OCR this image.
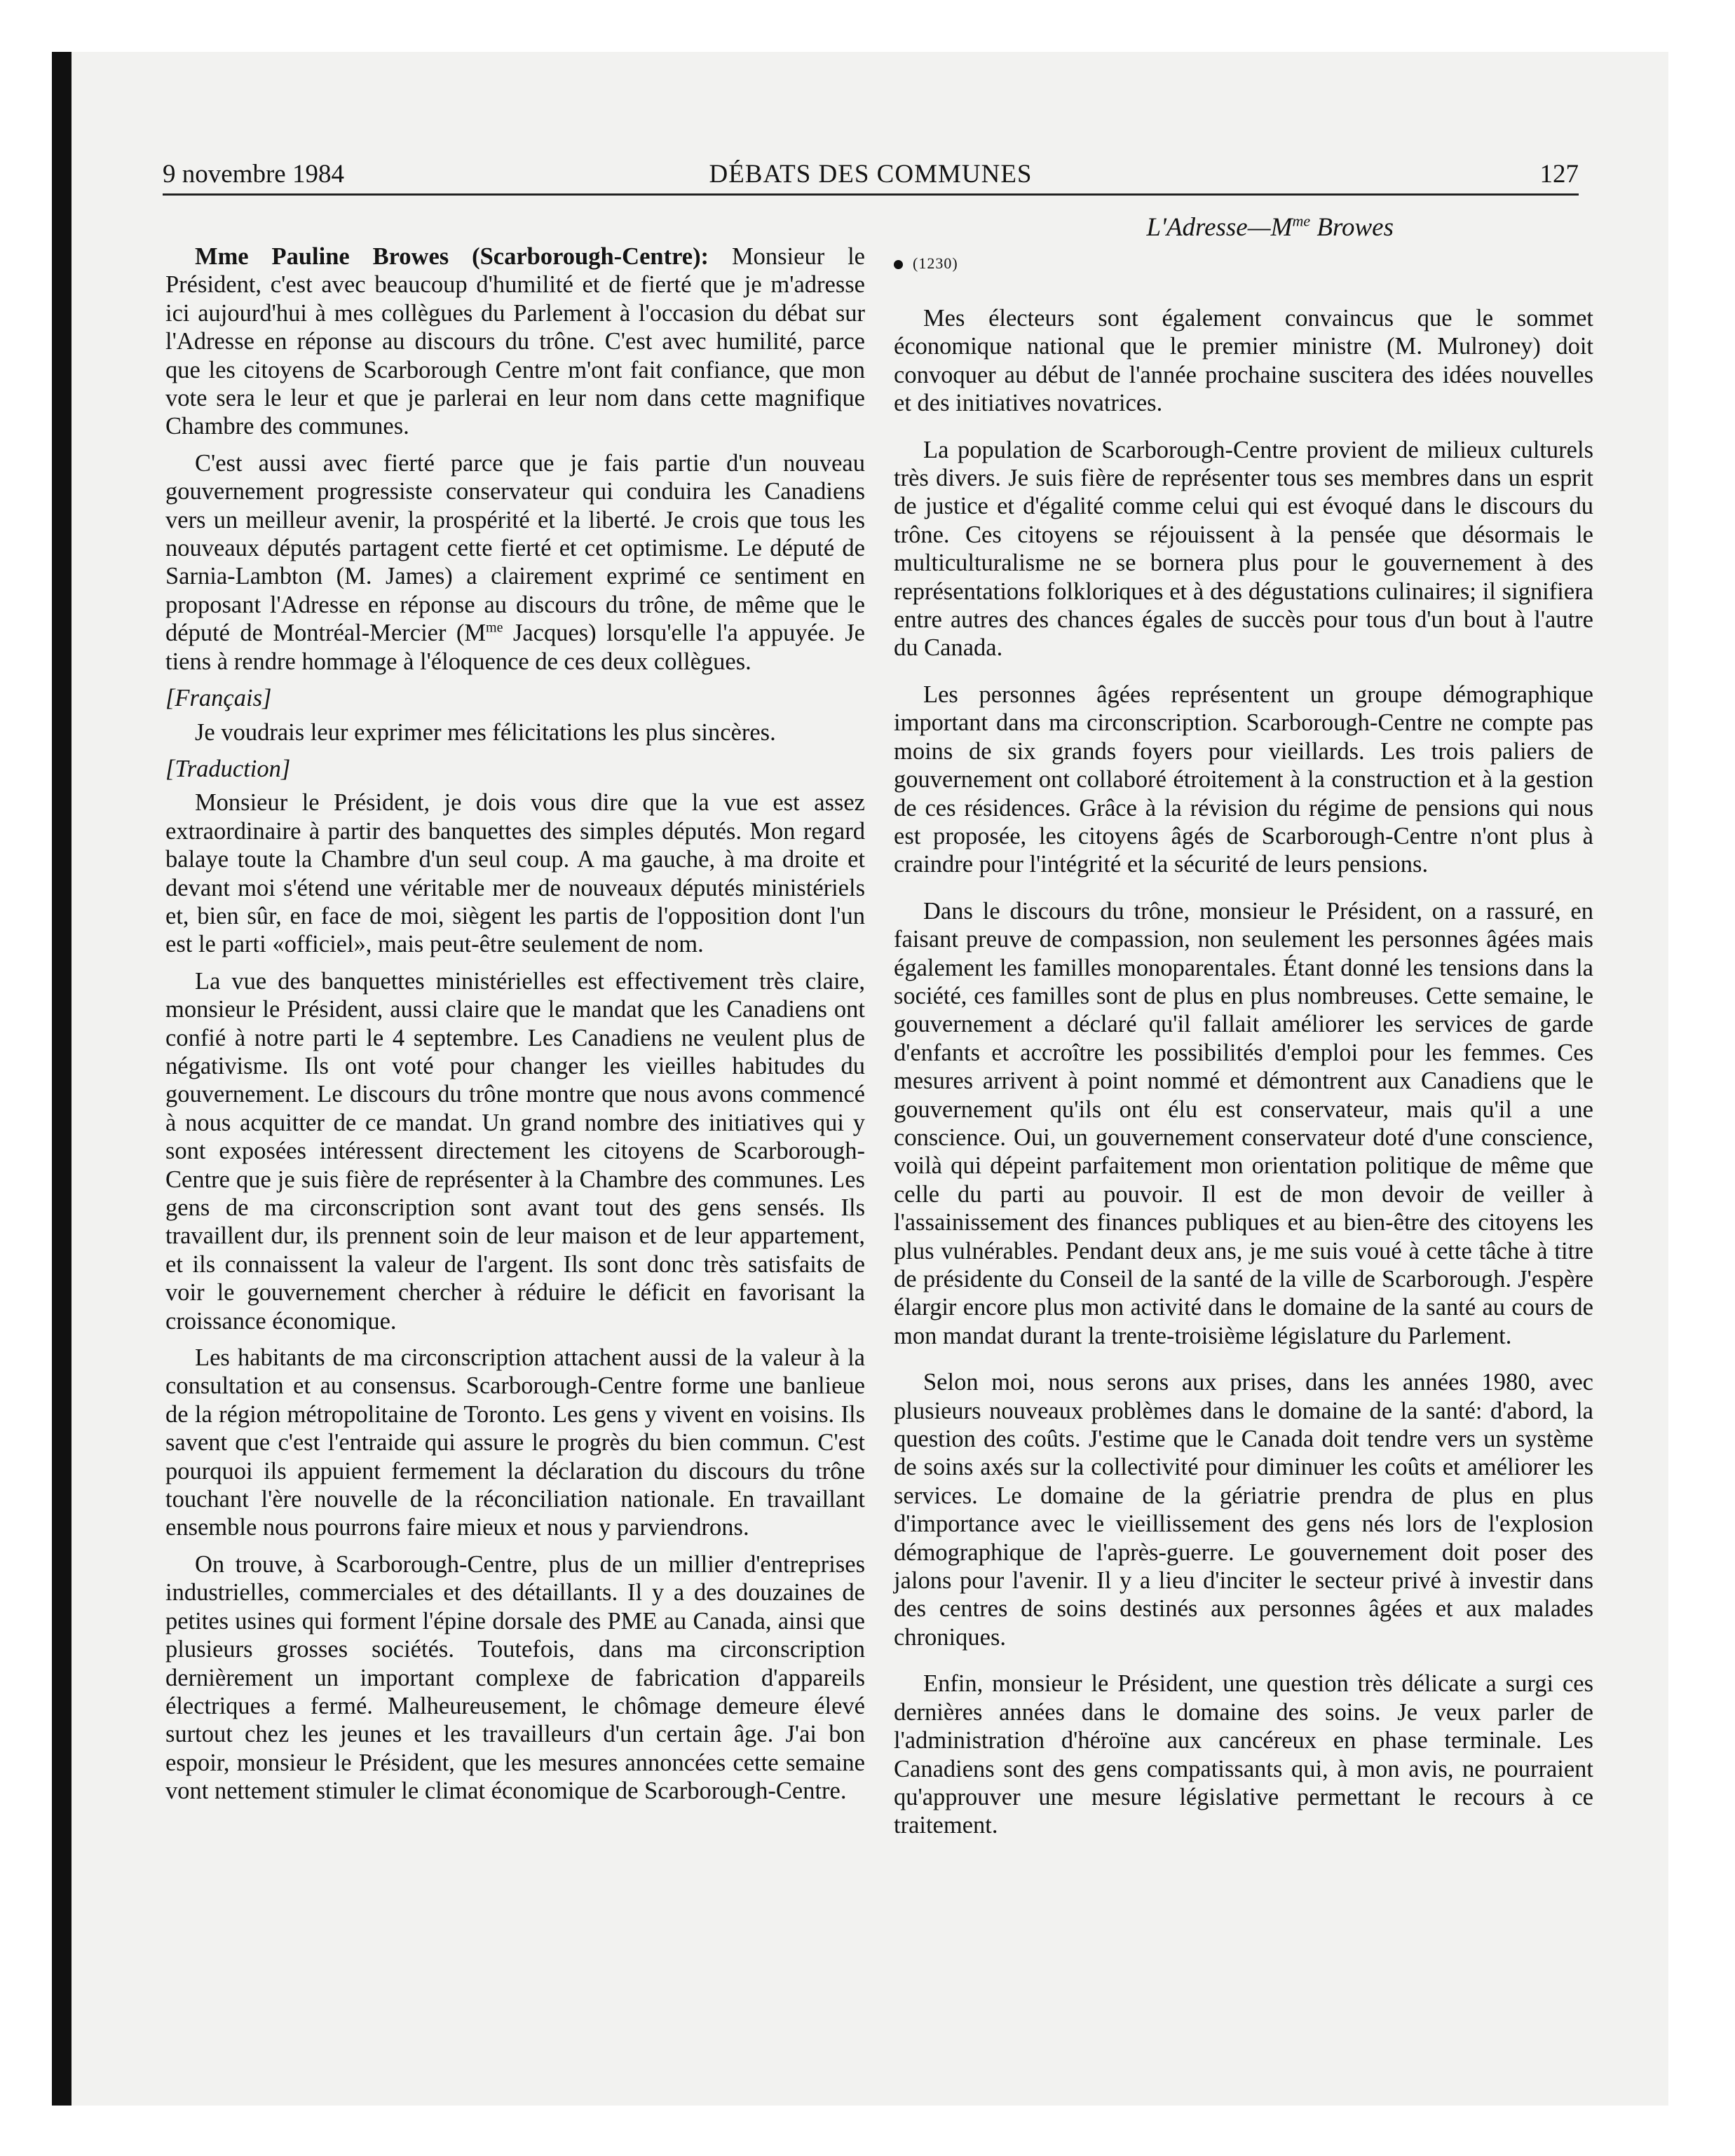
9 novembre 1984	DÉBATS DES COMMUNES	127
$L'Adresse—M^{me}$ Browes

Mme Pauline Browes (Scarborough-Centre): Monsieur le Président, c'est avec beaucoup d'humilité et de fierté que je m'adresse ici aujourd'hui à mes collègues du Parlement à l'occasion du débat sur l'Adresse en réponse au discours du trône. C'est avec humilité, parce que les citoyens de Scarborough Centre m'ont fait confiance, que mon vote sera le leur et que je parlerai en leur nom dans cette magnifique Chambre des communes.

C'est aussi avec fierté parce que je fais partie d'un nouveau gouvernement progressiste conservateur qui conduira les Canadiens vers un meilleur avenir, la prospérité et la liberté. Je crois que tous les nouveaux députés partagent cette fierté et cet optimisme. Le député de Sarnia-Lambton (M. James) a clairement exprimé ce sentiment en proposant l'Adresse en réponse au discours du trône, de même que le député de Montréal-Mercier ($M^{me}$ Jacques) lorsqu'elle l'a appuyée. Je tiens à rendre hommage à l'éloquence de ces deux collègues.

[Français]

Je voudrais leur exprimer mes félicitations les plus sincères.

[Traduction]

Monsieur le Président, je dois vous dire que la vue est assez extraordinaire à partir des banquettes des simples députés. Mon regard balaye toute la Chambre d'un seul coup. A ma gauche, à ma droite et devant moi s'étend une véritable mer de nouveaux députés ministériels et, bien sûr, en face de moi, siègent les partis de l'opposition dont l'un est le parti «officiel», mais peut-être seulement de nom.

La vue des banquettes ministérielles est effectivement très claire, monsieur le Président, aussi claire que le mandat que les Canadiens ont confié à notre parti le 4 septembre. Les Canadiens ne veulent plus de négativisme. Ils ont voté pour changer les vieilles habitudes du gouvernement. Le discours du trône montre que nous avons commencé à nous acquitter de ce mandat. Un grand nombre des initiatives qui y sont exposées intéressent directement les citoyens de Scarborough-Centre que je suis fière de représenter à la Chambre des communes. Les gens de ma circonscription sont avant tout des gens sensés. Ils travaillent dur, ils prennent soin de leur maison et de leur appartement, et ils connaissent la valeur de l'argent. Ils sont donc très satisfaits de voir le gouvernement chercher à réduire le déficit en favorisant la croissance économique.

Les habitants de ma circonscription attachent aussi de la valeur à la consultation et au consensus. Scarborough-Centre forme une banlieue de la région métropolitaine de Toronto. Les gens y vivent en voisins. Ils savent que c'est l'entraide qui assure le progrès du bien commun. C'est pourquoi ils appuient fermement la déclaration du discours du trône touchant l'ère nouvelle de la réconciliation nationale. En travaillant ensemble nous pourrons faire mieux et nous y parviendrons.

On trouve, à Scarborough-Centre, plus de un millier d'entreprises industrielles, commerciales et des détaillants. Il y a des douzaines de petites usines qui forment l'épine dorsale des PME au Canada, ainsi que plusieurs grosses sociétés. Toutefois, dans ma circonscription dernièrement un important complexe de fabrication d'appareils électriques a fermé. Malheureusement, le chômage demeure élevé surtout chez les jeunes et les travailleurs d'un certain âge. J'ai bon espoir, monsieur le Président, que les mesures annoncées cette semaine vont nettement stimuler le climat économique de Scarborough-Centre.

(1230)

Mes électeurs sont également convaincus que le sommet économique national que le premier ministre (M. Mulroney) doit convoquer au début de l'année prochaine suscitera des idées nouvelles et des initiatives novatrices.

La population de Scarborough-Centre provient de milieux culturels très divers. Je suis fière de représenter tous ses membres dans un esprit de justice et d'égalité comme celui qui est évoqué dans le discours du trône. Ces citoyens se réjouissent à la pensée que désormais le multiculturalisme ne se bornera plus pour le gouvernement à des représentations folkloriques et à des dégustations culinaires; il signifiera entre autres des chances égales de succès pour tous d'un bout à l'autre du Canada.

Les personnes âgées représentent un groupe démographique important dans ma circonscription. Scarborough-Centre ne compte pas moins de six grands foyers pour vieillards. Les trois paliers de gouvernement ont collaboré étroitement à la construction et à la gestion de ces résidences. Grâce à la révision du régime de pensions qui nous est proposée, les citoyens âgés de Scarborough-Centre n'ont plus à craindre pour l'intégrité et la sécurité de leurs pensions.

Dans le discours du trône, monsieur le Président, on a rassuré, en faisant preuve de compassion, non seulement les personnes âgées mais également les familles monoparentales. Étant donné les tensions dans la société, ces familles sont de plus en plus nombreuses. Cette semaine, le gouvernement a déclaré qu'il fallait améliorer les services de garde d'enfants et accroître les possibilités d'emploi pour les femmes. Ces mesures arrivent à point nommé et démontrent aux Canadiens que le gouvernement qu'ils ont élu est conservateur, mais qu'il a une conscience. Oui, un gouvernement conservateur doté d'une conscience, voilà qui dépeint parfaitement mon orientation politique de même que celle du parti au pouvoir. Il est de mon devoir de veiller à l'assainissement des finances publiques et au bien-être des citoyens les plus vulnérables. Pendant deux ans, je me suis voué à cette tâche à titre de présidente du Conseil de la santé de la ville de Scarborough. J'espère élargir encore plus mon activité dans le domaine de la santé au cours de mon mandat durant la trente-troisième législature du Parlement.

Selon moi, nous serons aux prises, dans les années 1980, avec plusieurs nouveaux problèmes dans le domaine de la santé: d'abord, la question des coûts. J'estime que le Canada doit tendre vers un système de soins axés sur la collectivité pour diminuer les coûts et améliorer les services. Le domaine de la gériatrie prendra de plus en plus d'importance avec le vieillissement des gens nés lors de l'explosion démographique de l'après-guerre. Le gouvernement doit poser des jalons pour l'avenir. Il y a lieu d'inciter le secteur privé à investir dans des centres de soins destinés aux personnes âgées et aux malades chroniques.

Enfin, monsieur le Président, une question très délicate a surgi ces dernières années dans le domaine des soins. Je veux parler de l'administration d'héroïne aux cancéreux en phase terminale. Les Canadiens sont des gens compatissants qui, à mon avis, ne pourraient qu'approuver une mesure législative permettant le recours à ce traitement.
